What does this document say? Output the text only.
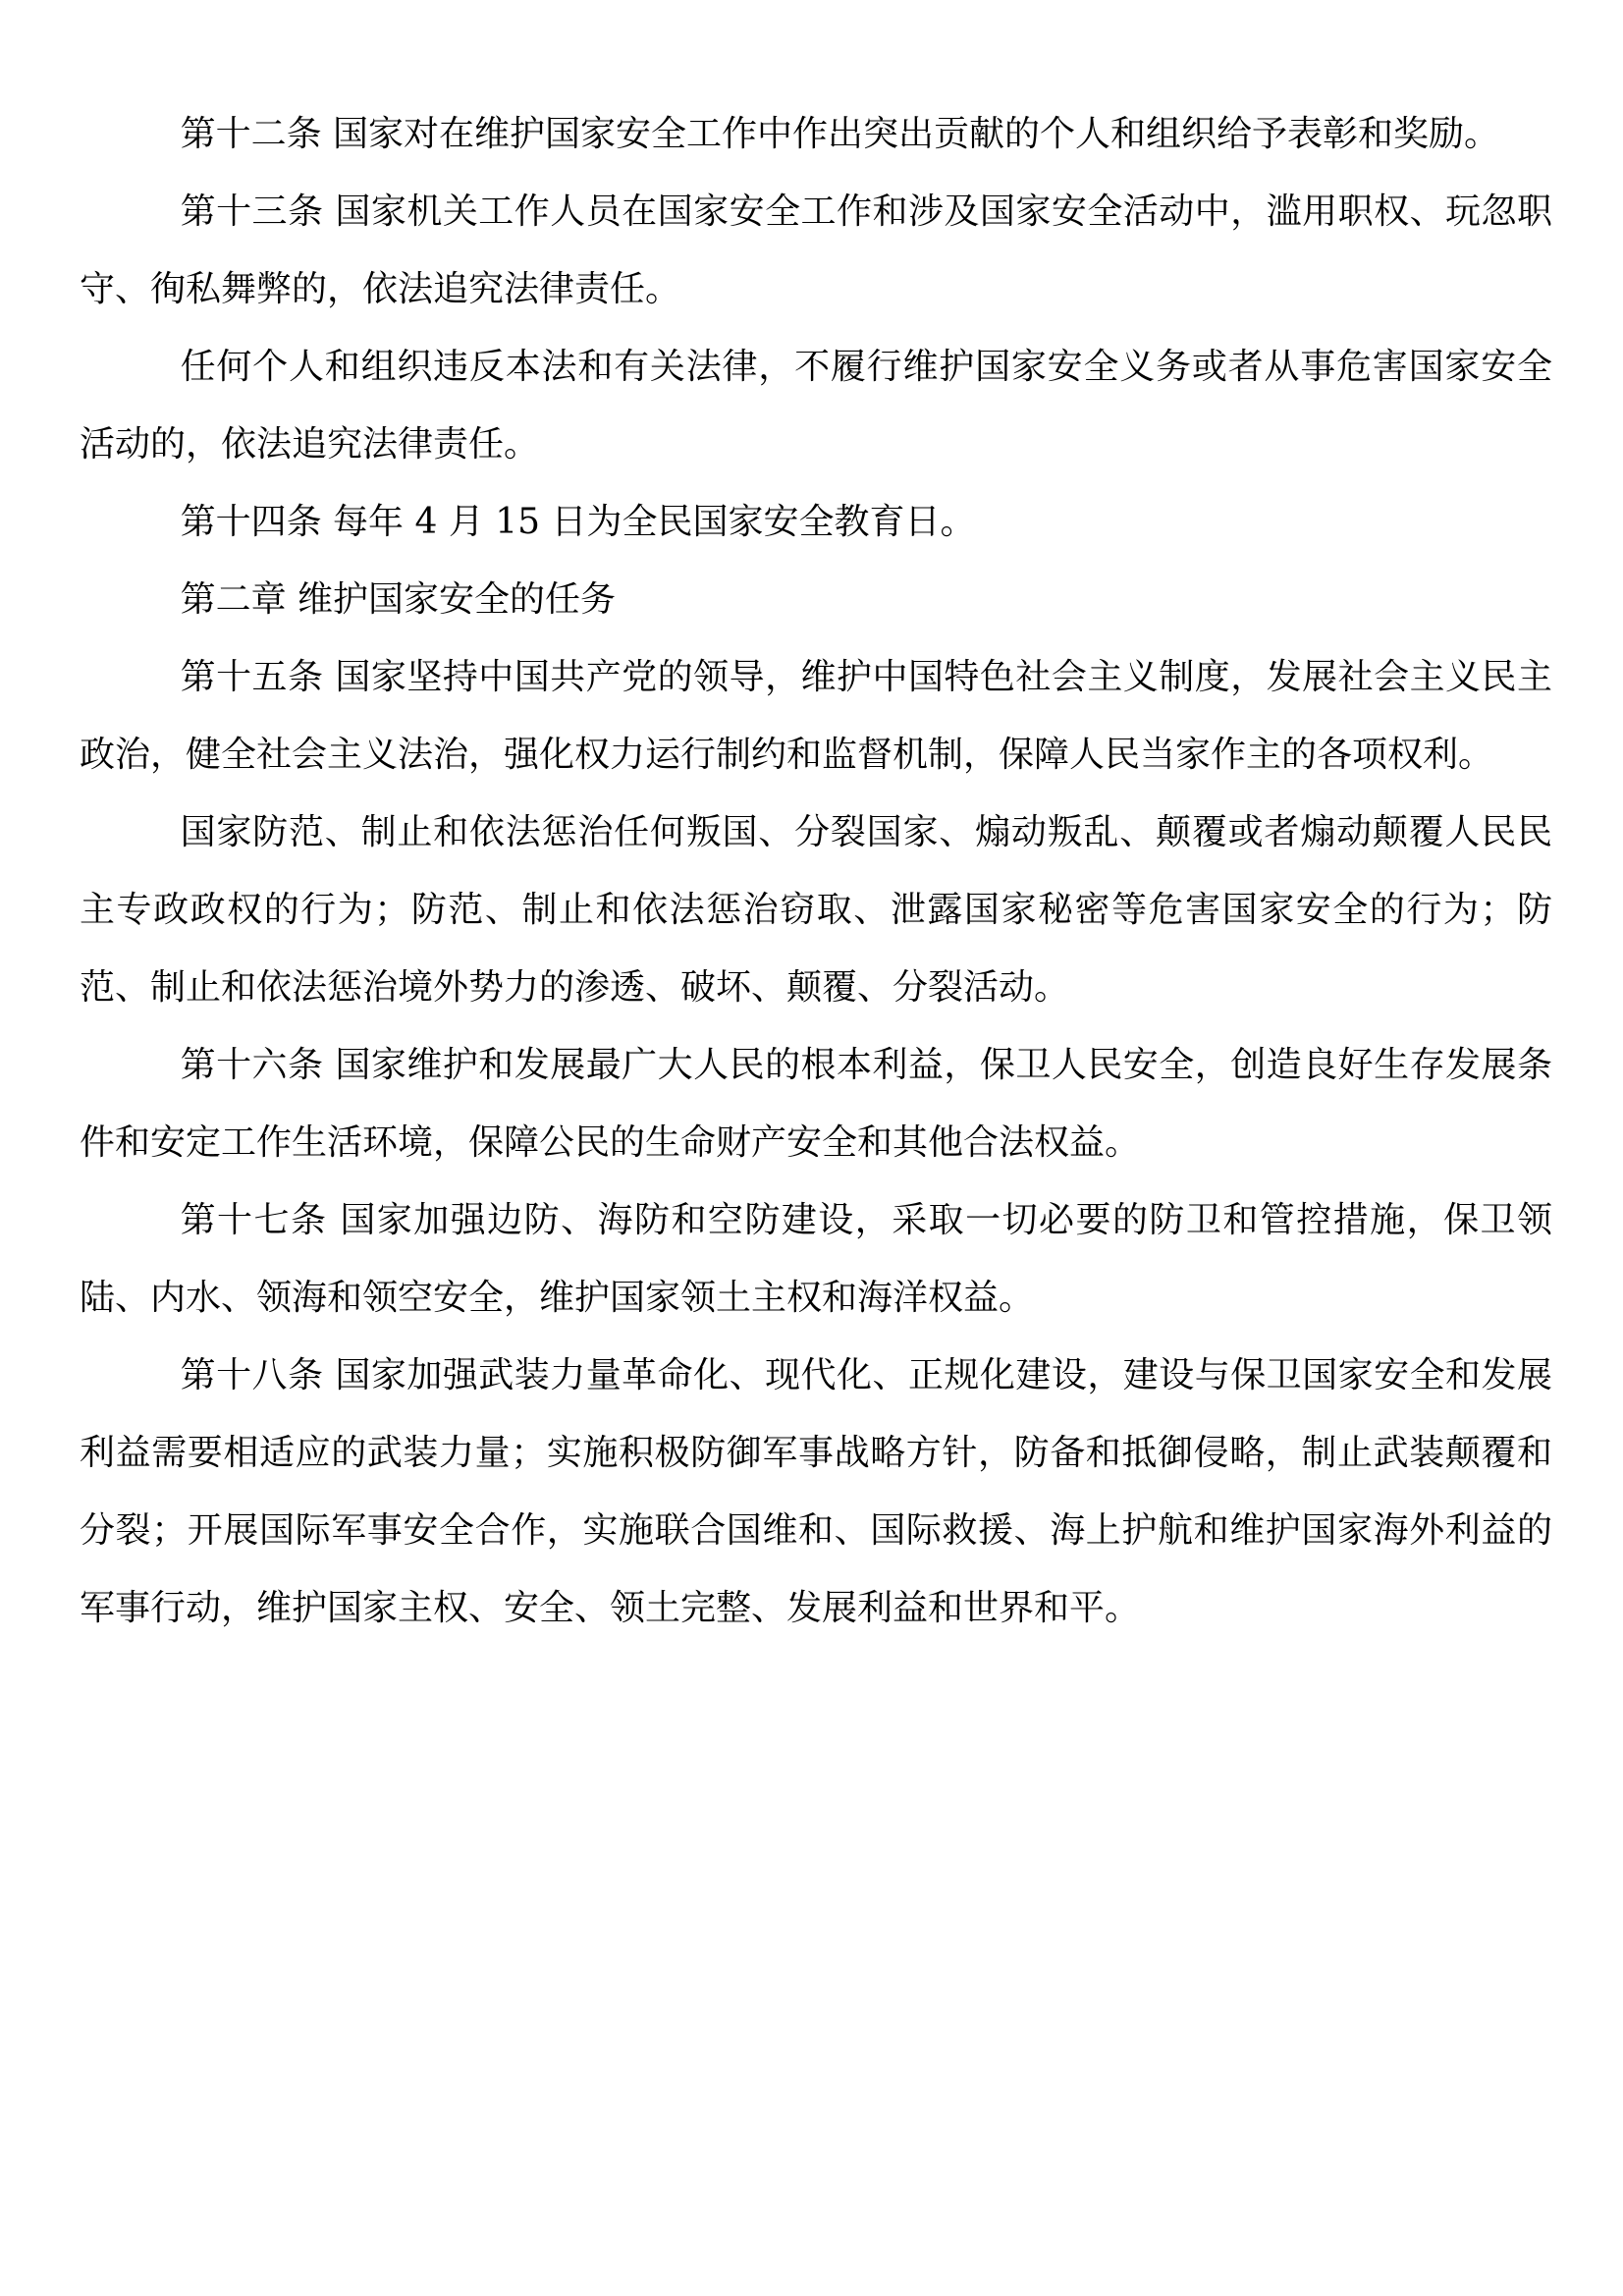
第十二条 国家对在维护国家安全工作中作出突出贡献的个人和组织给予表彰和奖励。

第十三条 国家机关工作人员在国家安全工作和涉及国家安全活动中，滥用职权、玩忽职守、徇私舞弊的，依法追究法律责任。

任何个人和组织违反本法和有关法律，不履行维护国家安全义务或者从事危害国家安全活动的，依法追究法律责任。

第十四条 每年 4 月 15 日为全民国家安全教育日。

第二章 维护国家安全的任务

第十五条 国家坚持中国共产党的领导，维护中国特色社会主义制度，发展社会主义民主政治，健全社会主义法治，强化权力运行制约和监督机制，保障人民当家作主的各项权利。

国家防范、制止和依法惩治任何叛国、分裂国家、煽动叛乱、颠覆或者煽动颠覆人民民主专政政权的行为；防范、制止和依法惩治窃取、泄露国家秘密等危害国家安全的行为；防范、制止和依法惩治境外势力的渗透、破坏、颠覆、分裂活动。

第十六条 国家维护和发展最广大人民的根本利益，保卫人民安全，创造良好生存发展条件和安定工作生活环境，保障公民的生命财产安全和其他合法权益。

第十七条 国家加强边防、海防和空防建设，采取一切必要的防卫和管控措施，保卫领陆、内水、领海和领空安全，维护国家领土主权和海洋权益。

第十八条 国家加强武装力量革命化、现代化、正规化建设，建设与保卫国家安全和发展利益需要相适应的武装力量；实施积极防御军事战略方针，防备和抵御侵略，制止武装颠覆和分裂；开展国际军事安全合作，实施联合国维和、国际救援、海上护航和维护国家海外利益的军事行动，维护国家主权、安全、领土完整、发展利益和世界和平。
